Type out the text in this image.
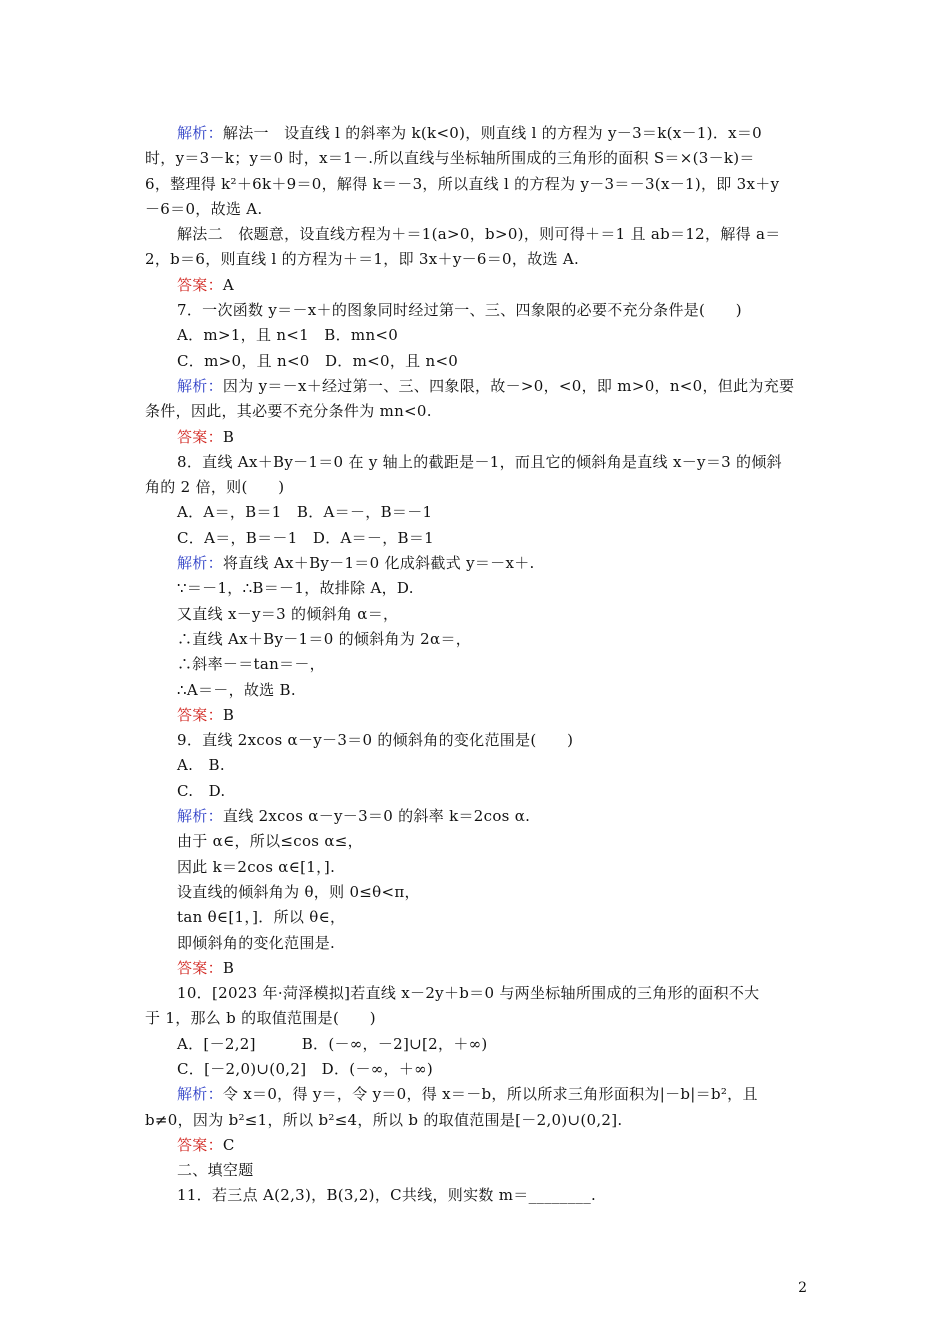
解析：解法一　设直线 l 的斜率为 k(k<0)，则直线 l 的方程为 y－3＝k(x－1)．x＝0
时，y＝3－k；y＝0 时，x＝1－.所以直线与坐标轴所围成的三角形的面积 S＝×(3－k)＝
6，整理得 k²＋6k＋9＝0，解得 k＝－3，所以直线 l 的方程为 y－3＝－3(x－1)，即 3x＋y
－6＝0，故选 A.
解法二　依题意，设直线方程为＋＝1(a>0，b>0)，则可得＋＝1 且 ab＝12，解得 a＝
2，b＝6，则直线 l 的方程为＋＝1，即 3x＋y－6＝0，故选 A.
答案：A
7．一次函数 y＝－x＋的图象同时经过第一、三、四象限的必要不充分条件是(　　)
A．m>1，且 n<1　B．mn<0
C．m>0，且 n<0　D．m<0，且 n<0
解析：因为 y＝－x＋经过第一、三、四象限，故－>0，<0，即 m>0，n<0，但此为充要
条件，因此，其必要不充分条件为 mn<0.
答案：B
8．直线 Ax＋By－1＝0 在 y 轴上的截距是－1，而且它的倾斜角是直线 x－y＝3 的倾斜
角的 2 倍，则(　　)
A．A＝，B＝1　B．A＝－，B＝－1
C．A＝，B＝－1　D．A＝－，B＝1
解析：将直线 Ax＋By－1＝0 化成斜截式 y＝－x＋.
∵＝－1，∴B＝－1，故排除 A，D.
又直线 x－y＝3 的倾斜角 α＝，
∴直线 Ax＋By－1＝0 的倾斜角为 2α＝，
∴斜率－＝tan＝－，
∴A＝－，故选 B.
答案：B
9．直线 2xcos α－y－3＝0 的倾斜角的变化范围是(　　)
A.　B.
C.　D.
解析：直线 2xcos α－y－3＝0 的斜率 k＝2cos α.
由于 α∈，所以≤cos α≤，
因此 k＝2cos α∈[1，].
设直线的倾斜角为 θ，则 0≤θ<π，
tan θ∈[1，]．所以 θ∈，
即倾斜角的变化范围是.
答案：B
10．[2023 年·菏泽模拟]若直线 x－2y＋b＝0 与两坐标轴所围成的三角形的面积不大
于 1，那么 b 的取值范围是(　　)
A．[－2,2]　　　B．(－∞，－2]∪[2，＋∞)
C．[－2,0)∪(0,2]　D．(－∞，＋∞)
解析：令 x＝0，得 y＝，令 y＝0，得 x＝－b，所以所求三角形面积为|－b|＝b²，且
b≠0，因为 b²≤1，所以 b²≤4，所以 b 的取值范围是[－2,0)∪(0,2].
答案：C
二、填空题
11．若三点 A(2,3)，B(3,2)，C共线，则实数 m＝________.
2
